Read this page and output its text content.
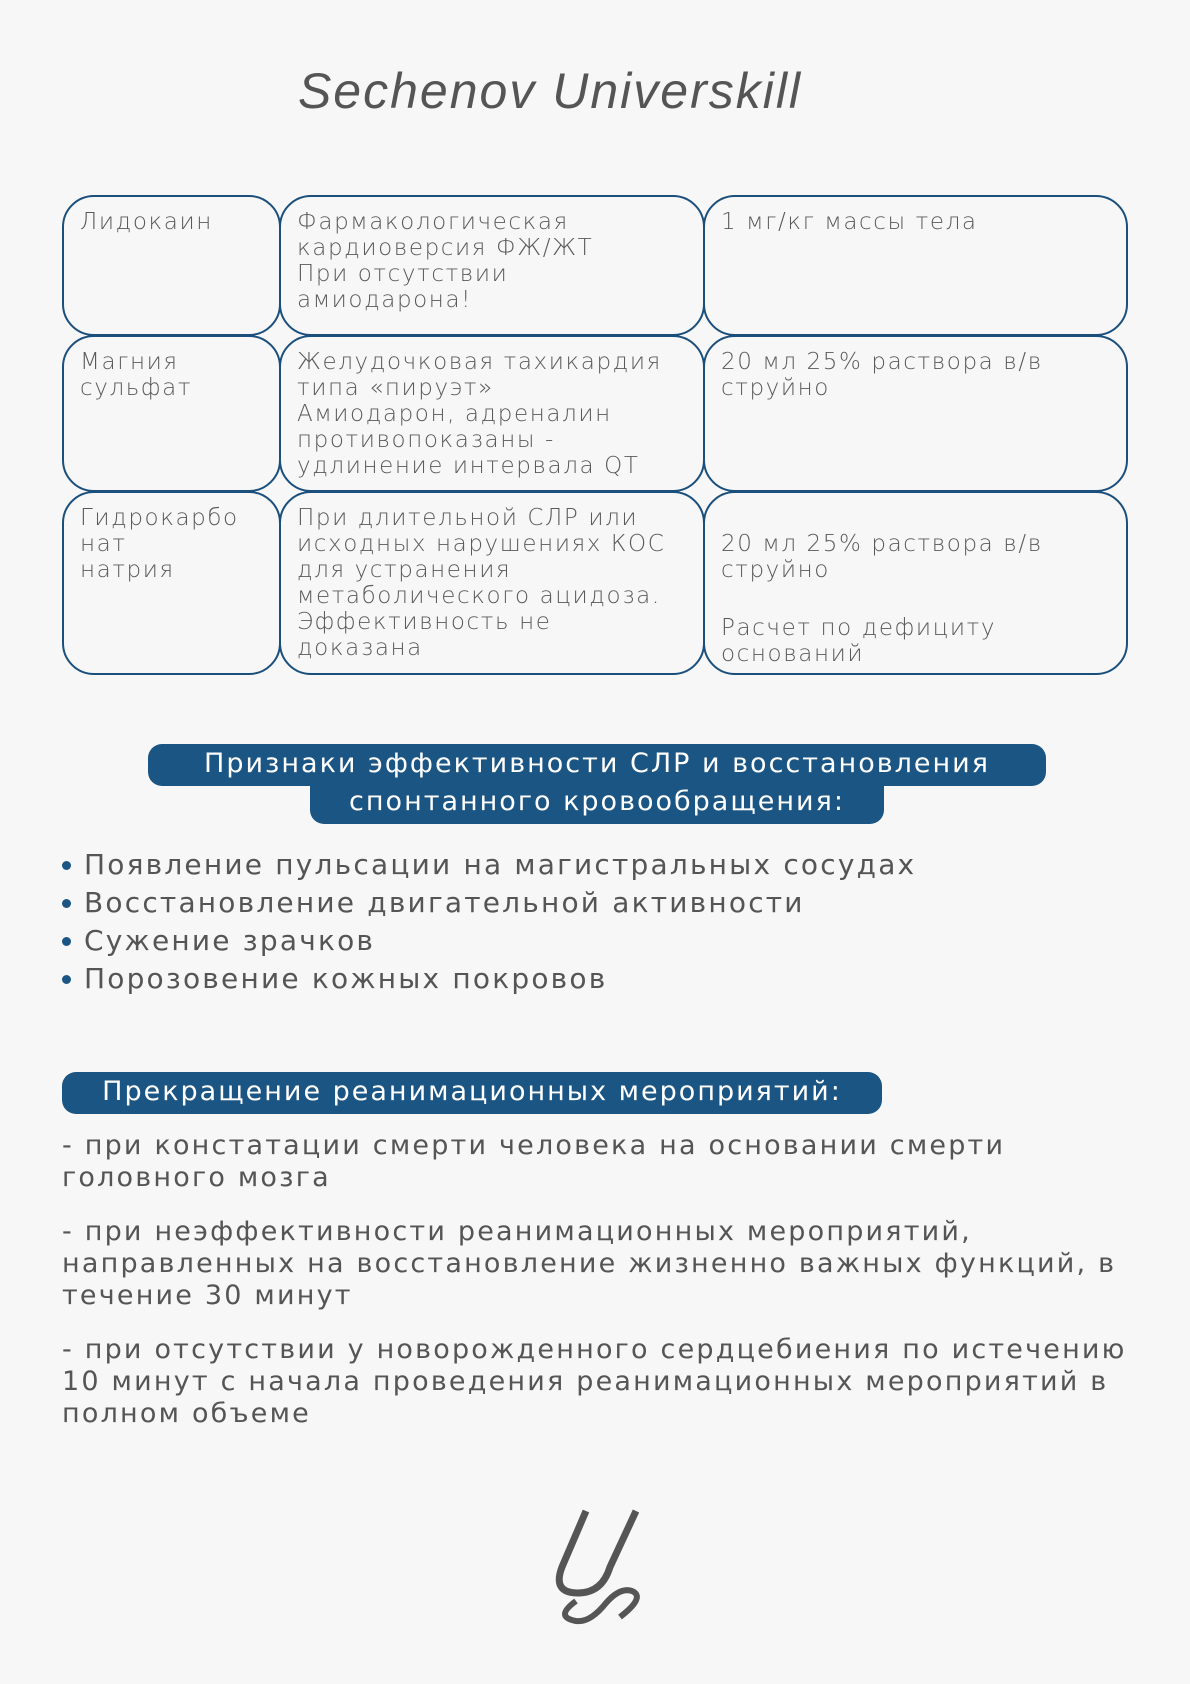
Sechenov Universkill
Лидокаин	Фармакологическая
кардиоверсия ФЖ/ЖТ
При отсутствии
амиодарона!

1 мг/кг массы тела

Магния
сульфат
Желудочковая тахикардия
типа «пируэт»
Амиодарон, адреналин
противопоказаны -
удлинение интервала QT

20 мл 25% раствора в/в
струйно

Гидрокарбо
нат
натрия
При длительной СЛР или
исходных нарушениях КОС
для устранения
метаболического ацидоза.
Эффективность не
доказана

20 мл 25% раствора в/в
струйно

Расчет по дефициту
оснований

Признаки эффективности СЛР и восстановления
спонтанного кровообращения:
Появление пульсации на магистральных сосудах
Восстановление двигательной активности
Сужение зрачков
Порозовение кожных покровов
Прекращение реанимационных мероприятий:

- при констатации смерти человека на основании смерти головного мозга

- при неэффективности реанимационных мероприятий, направленных на восстановление жизненно важных функций, в течение 30 минут

- при отсутствии у новорожденного сердцебиения по истечению 10 минут с начала проведения реанимационных мероприятий в полном объеме
